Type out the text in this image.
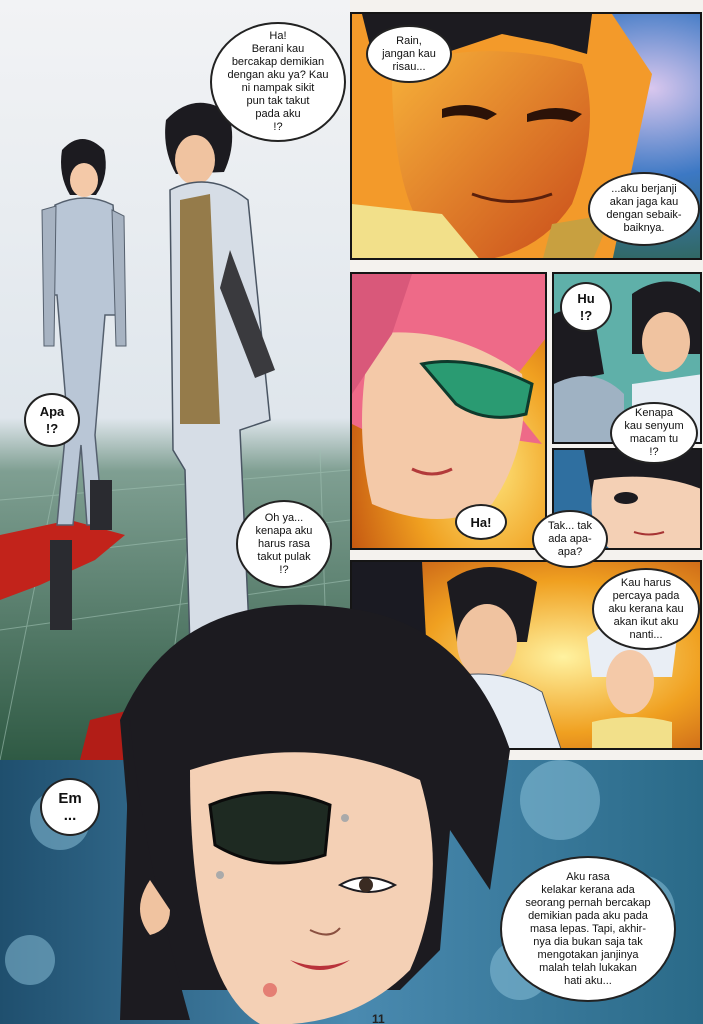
Ha!
Berani kau
bercakap demikian
dengan aku ya? Kau
ni nampak sikit
pun tak takut
pada aku
!?
Rain,
jangan kau
risau...
...aku berjanji
akan jaga kau
dengan sebaik-
baiknya.
Apa
!?
Oh ya...
kenapa aku
harus rasa
takut pulak
!?
Hu
!?
Kenapa
kau senyum
macam tu
!?
Ha!	Tak... tak
ada apa-
apa?
Kau harus
percaya pada
aku kerana kau
akan ikut aku
nanti...
Em
...
Aku rasa
kelakar kerana ada
seorang pernah bercakap
demikian pada aku pada
masa lepas. Tapi, akhir-
nya dia bukan saja tak
mengotakan janjinya
malah telah lukakan
hati aku...
11
